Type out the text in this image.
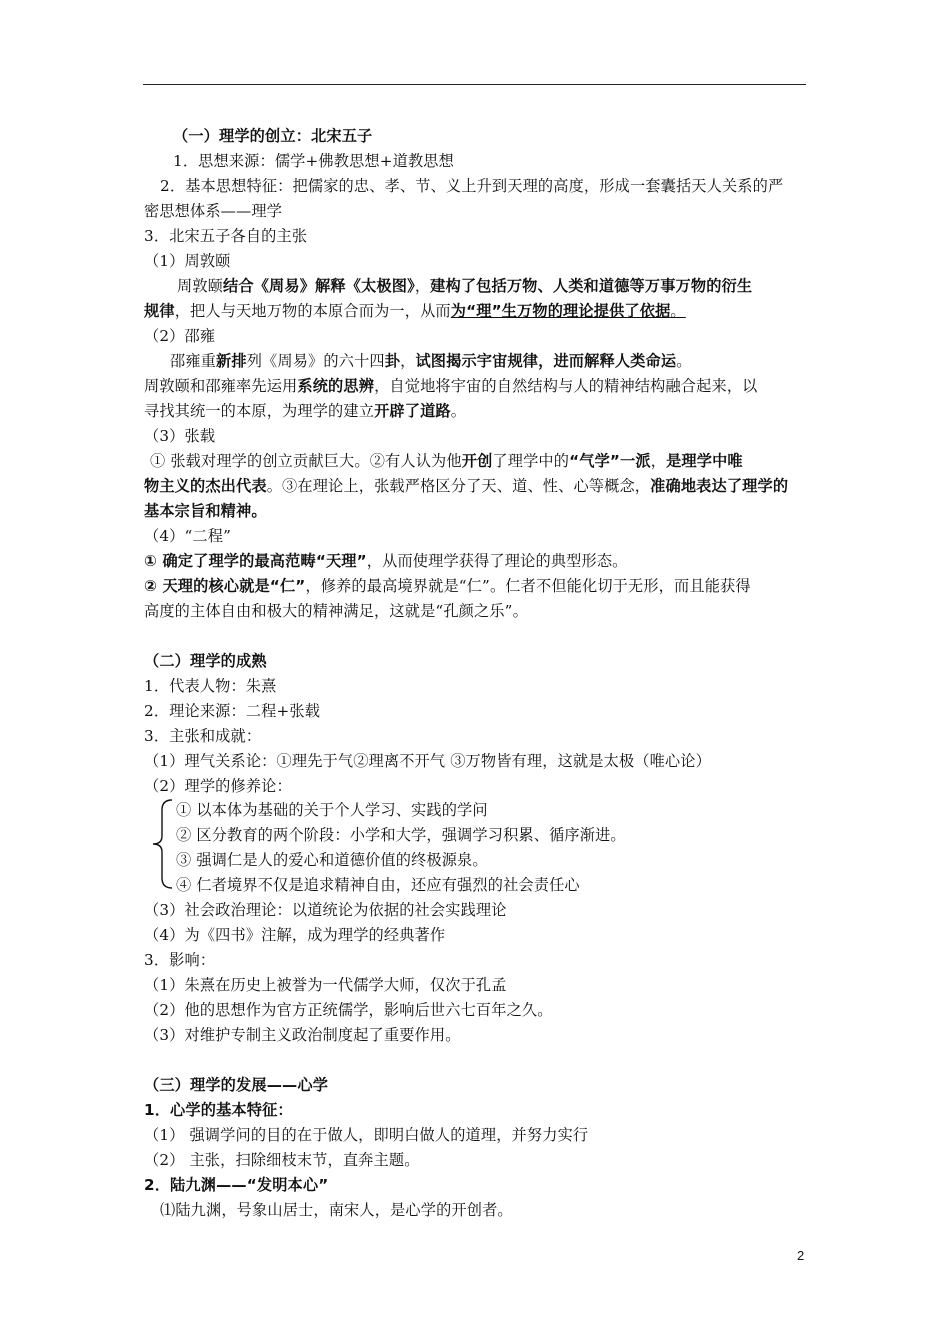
（一）理学的创立：北宋五子
1．思想来源：儒学+佛教思想+道教思想
2．基本思想特征：把儒家的忠、孝、节、义上升到天理的高度，形成一套囊括天人关系的严
密思想体系——理学
3．北宋五子各自的主张
（1）周敦颐
周敦颐结合《周易》解释《太极图》，建构了包括万物、人类和道德等万事万物的衍生
规律，把人与天地万物的本原合而为一，从而为“理”生万物的理论提供了依据。
（2）邵雍
邵雍重新排列《周易》的六十四卦，试图揭示宇宙规律，进而解释人类命运。
周敦颐和邵雍率先运用系统的思辨，自觉地将宇宙的自然结构与人的精神结构融合起来，以
寻找其统一的本原，为理学的建立开辟了道路。
（3）张载
① 张载对理学的创立贡献巨大。②有人认为他开创了理学中的“气学”一派，是理学中唯
物主义的杰出代表。③在理论上，张载严格区分了天、道、性、心等概念，准确地表达了理学的
基本宗旨和精神。
（4）“二程”
① 确定了理学的最高范畴“天理”，从而使理学获得了理论的典型形态。
② 天理的核心就是“仁”，修养的最高境界就是“仁”。仁者不但能化切于无形，而且能获得
高度的主体自由和极大的精神满足，这就是“孔颜之乐”。
（二）理学的成熟
1．代表人物：朱熹
2．理论来源：二程+张载
3．主张和成就：
（1）理气关系论：①理先于气②理离不开气 ③万物皆有理，这就是太极（唯心论）
（2）理学的修养论：
① 以本体为基础的关于个人学习、实践的学问
② 区分教育的两个阶段：小学和大学，强调学习积累、循序渐进。
③ 强调仁是人的爱心和道德价值的终极源泉。
④ 仁者境界不仅是追求精神自由，还应有强烈的社会责任心
（3）社会政治理论：以道统论为依据的社会实践理论
（4）为《四书》注解，成为理学的经典著作
3．影响：
（1）朱熹在历史上被誉为一代儒学大师，仅次于孔孟
（2）他的思想作为官方正统儒学，影响后世六七百年之久。
（3）对维护专制主义政治制度起了重要作用。
（三）理学的发展——心学
1．心学的基本特征：
（1） 强调学问的目的在于做人，即明白做人的道理，并努力实行
（2） 主张，扫除细枝末节，直奔主题。
2．陆九渊——“发明本心”
⑴陆九渊，号象山居士，南宋人，是心学的开创者。
2
